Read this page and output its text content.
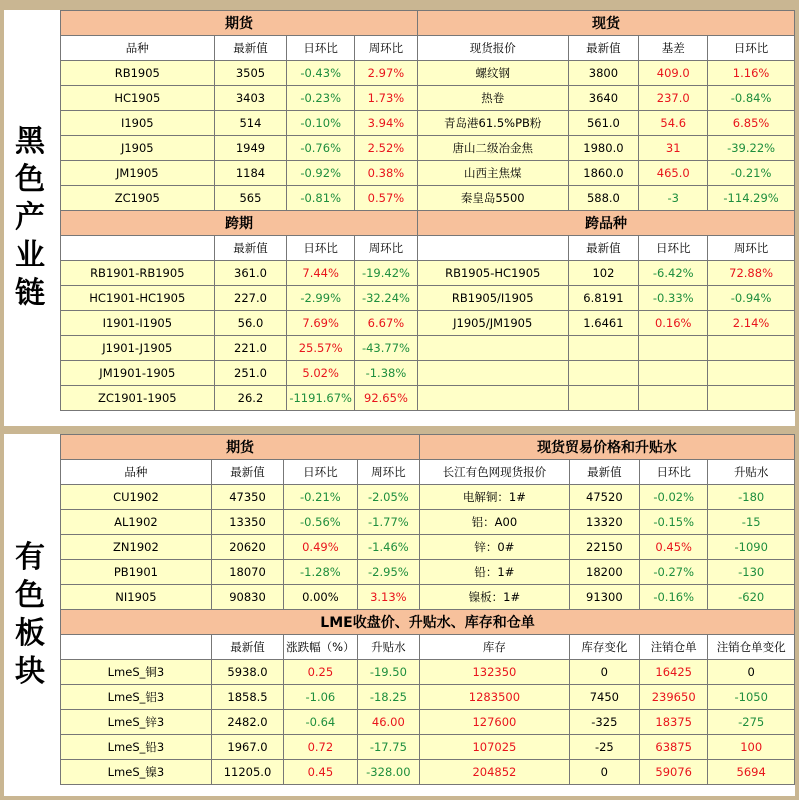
黑
色
产
业
链
期货				现货			
品种	最新值	日环比	周环比	现货报价	最新值	基差	日环比
RB1905	3505	-0.43%	2.97%	螺纹钢	3800	409.0	1.16%
HC1905	3403	-0.23%	1.73%	热卷	3640	237.0	-0.84%
I1905	514	-0.10%	3.94%	青岛港61.5%PB粉	561.0	54.6	6.85%
J1905	1949	-0.76%	2.52%	唐山二级冶金焦	1980.0	31	-39.22%
JM1905	1184	-0.92%	0.38%	山西主焦煤	1860.0	465.0	-0.21%
ZC1905	565	-0.81%	0.57%	秦皇岛5500	588.0	-3	-114.29%
跨期				跨品种			
	最新值	日环比	周环比		最新值	日环比	周环比
RB1901-RB1905	361.0	7.44%	-19.42%	RB1905-HC1905	102	-6.42%	72.88%
HC1901-HC1905	227.0	-2.99%	-32.24%	RB1905/I1905	6.8191	-0.33%	-0.94%
I1901-I1905	56.0	7.69%	6.67%	J1905/JM1905	1.6461	0.16%	2.14%
J1901-J1905	221.0	25.57%	-43.77%				
JM1901-1905	251.0	5.02%	-1.38%				
ZC1901-1905	26.2	-1191.67%	92.65%				
有
色
板
块
期货				现货贸易价格和升贴水			
品种	最新值	日环比	周环比	长江有色网现货报价	最新值	日环比	升贴水
CU1902	47350	-0.21%	-2.05%	电解铜：1#	47520	-0.02%	-180
AL1902	13350	-0.56%	-1.77%	铝：A00	13320	-0.15%	-15
ZN1902	20620	0.49%	-1.46%	锌：0#	22150	0.45%	-1090
PB1901	18070	-1.28%	-2.95%	铅：1#	18200	-0.27%	-130
NI1905	90830	0.00%	3.13%	镍板：1#	91300	-0.16%	-620
LME收盘价、升贴水、库存和仓单							
	最新值	涨跌幅（%）	升贴水	库存	库存变化	注销仓单	注销仓单变化
LmeS_铜3	5938.0	0.25	-19.50	132350	0	16425	0
LmeS_铝3	1858.5	-1.06	-18.25	1283500	7450	239650	-1050
LmeS_锌3	2482.0	-0.64	46.00	127600	-325	18375	-275
LmeS_铅3	1967.0	0.72	-17.75	107025	-25	63875	100
LmeS_镍3	11205.0	0.45	-328.00	204852	0	59076	5694
